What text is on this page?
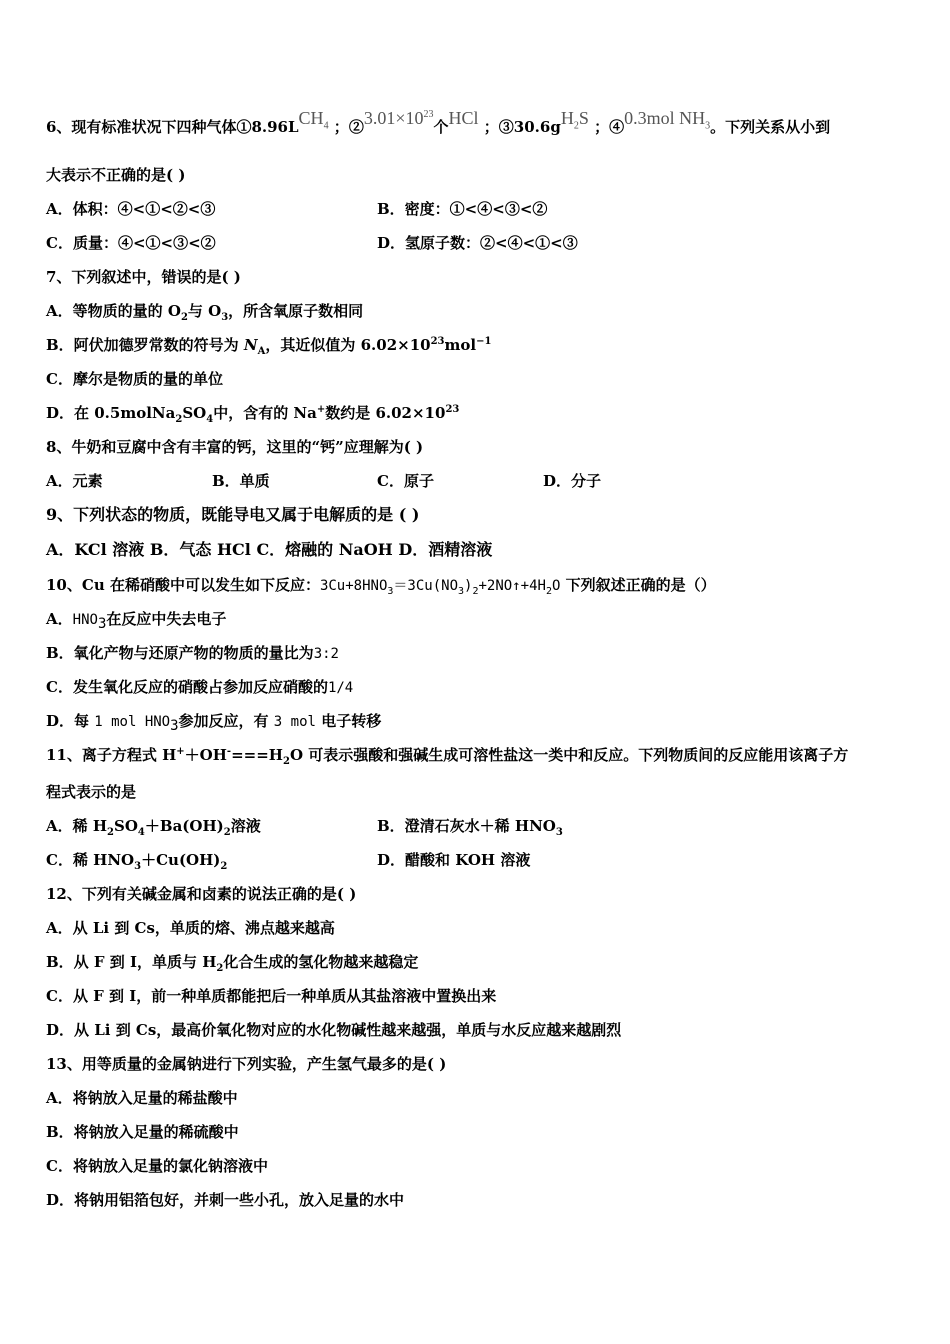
6、现有标准状况下四种气体$①8.96LCH_4$ ；$②3.01\times 10^{23}$个HCl ；$③30.6gH_2S$ ；④0.3mol $NH_3$。下列关系从小到
大表示不正确的是( )
A．体积：④<①<②<③	B．密度：①<④<③<②
C．质量：④<①<③<②	D．氢原子数：②<④<①<③
7、下列叙述中，错误的是( )
A．等物质的量的 $O_2$与 $O_3$，所含氧原子数相同
B．阿伏加德罗常数的符号为 $N_A$，其近似值为 $6.02\times 10^{23}mol^{-1}$
C．摩尔是物质的量的单位
D．在 $0.5molNa_2SO_4$中，含有的 Na+数约是 $6.02\times 10^{23}$
8、牛奶和豆腐中含有丰富的钙，这里的“钙”应理解为( )
A．元素	B．单质	C．原子	D．分子
9、下列状态的物质，既能导电又属于电解质的是 ( )
A．KCl 溶液 B．气态 HCl C．熔融的 NaOH D．酒精溶液
10、Cu 在稀硝酸中可以发生如下反应：$3Cu+8HNO_3=3Cu(NO_3)_2+2NO↑+4H_2O$ 下列叙述正确的是（）
A．$HNO_3$在反应中失去电子
B．氧化产物与还原产物的物质的量比为3:2
C．发生氧化反应的硝酸占参加反应硝酸的1/4
D．每 1 mol $HNO_3$参加反应，有 3 mol 电子转移
11、离子方程式 $H^++OH^-===H_2O$ 可表示强酸和强碱生成可溶性盐这一类中和反应。下列物质间的反应能用该离子方
程式表示的是
A．稀 $H_2SO_4+Ba(OH)_2$溶液	B．澄清石灰水＋稀 $HNO_3$
C．稀 $HNO_3+Cu(OH)_2$	D．醋酸和 KOH 溶液
12、下列有关碱金属和卤素的说法正确的是( )
A．从 Li 到 Cs，单质的熔、沸点越来越高
B．从 F 到 I，单质与 $H_2$化合生成的氢化物越来越稳定
C．从 F 到 I，前一种单质都能把后一种单质从其盐溶液中置换出来
D．从 Li 到 Cs，最高价氧化物对应的水化物碱性越来越强，单质与水反应越来越剧烈
13、用等质量的金属钠进行下列实验，产生氢气最多的是( )
A．将钠放入足量的稀盐酸中
B．将钠放入足量的稀硫酸中
C．将钠放入足量的氯化钠溶液中
D．将钠用铝箔包好，并刺一些小孔，放入足量的水中
